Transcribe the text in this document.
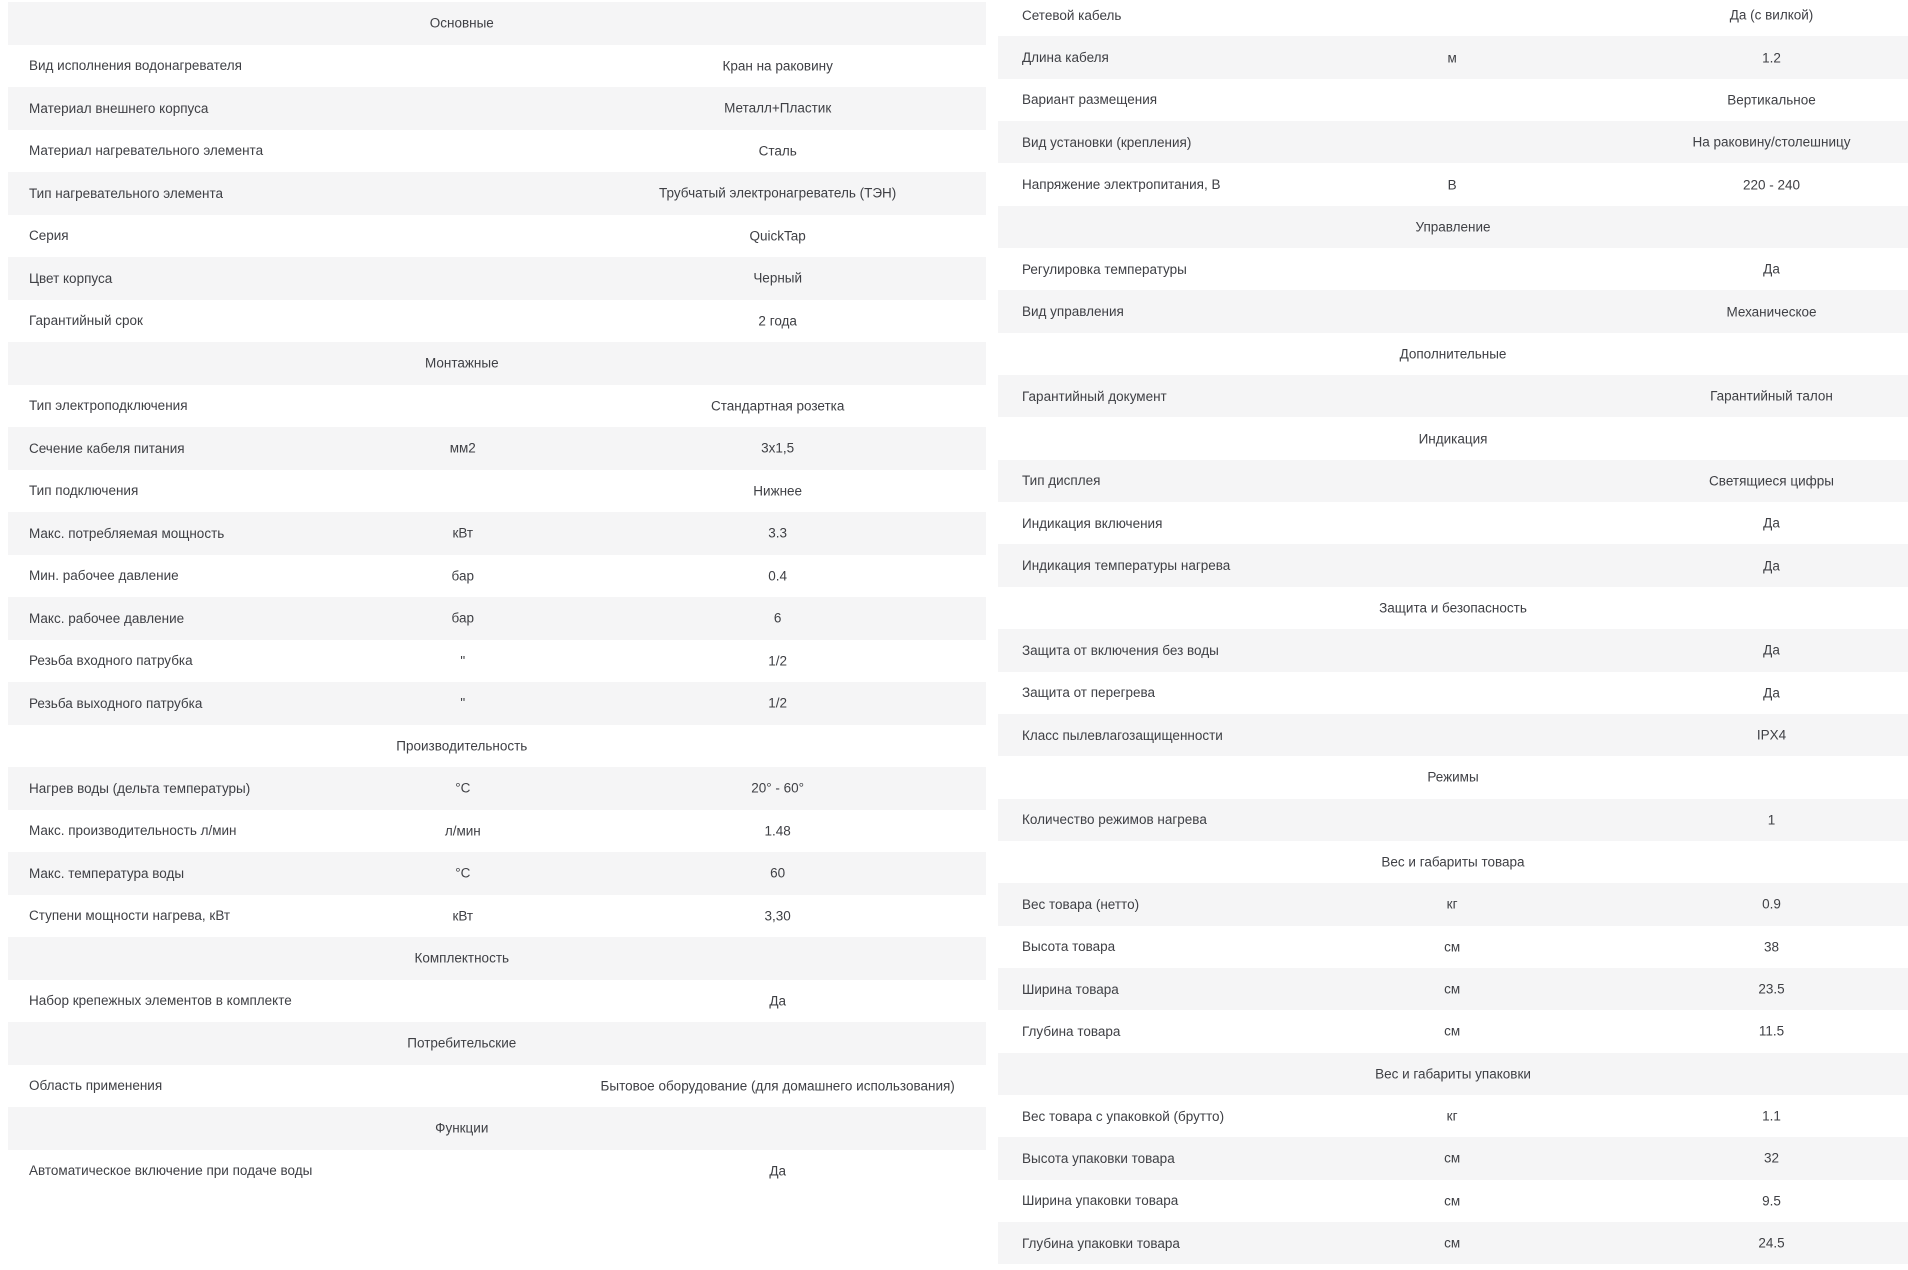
Основные
Вид исполнения водонагревателя	Кран на раковину
Материал внешнего корпуса	Металл+Пластик
Материал нагревательного элемента	Сталь
Тип нагревательного элемента	Трубчатый электронагреватель (ТЭН)
Серия	QuickTap
Цвет корпуса	Черный
Гарантийный срок	2 года
Монтажные
Тип электроподключения	Стандартная розетка
Сечение кабеля питания	мм2	3х1,5
Тип подключения	Нижнее
Макс. потребляемая мощность	кВт	3.3
Мин. рабочее давление	бар	0.4
Макс. рабочее давление	бар	6
Резьба входного патрубка	"	1/2
Резьба выходного патрубка	"	1/2
Производительность
Нагрев воды (дельта температуры)	°C	20° - 60°
Макс. производительность л/мин	л/мин	1.48
Макс. температура воды	°C	60
Ступени мощности нагрева, кВт	кВт	3,30
Комплектность
Набор крепежных элементов в комплекте	Да
Потребительские
Область применения	Бытовое оборудование (для домашнего использования)
Функции
Автоматическое включение при подаче воды	Да
Сетевой кабель	Да (с вилкой)
Длина кабеля	м	1.2
Вариант размещения	Вертикальное
Вид установки (крепления)	На раковину/столешницу
Напряжение электропитания, В	В	220 - 240
Управление
Регулировка температуры	Да
Вид управления	Механическое
Дополнительные
Гарантийный документ	Гарантийный талон
Индикация
Тип дисплея	Светящиеся цифры
Индикация включения	Да
Индикация температуры нагрева	Да
Защита и безопасность
Защита от включения без воды	Да
Защита от перегрева	Да
Класс пылевлагозащищенности	IPX4
Режимы
Количество режимов нагрева	1
Вес и габариты товара
Вес товара (нетто)	кг	0.9
Высота товара	см	38
Ширина товара	см	23.5
Глубина товара	см	11.5
Вес и габариты упаковки
Вес товара с упаковкой (брутто)	кг	1.1
Высота упаковки товара	см	32
Ширина упаковки товара	см	9.5
Глубина упаковки товара	см	24.5
